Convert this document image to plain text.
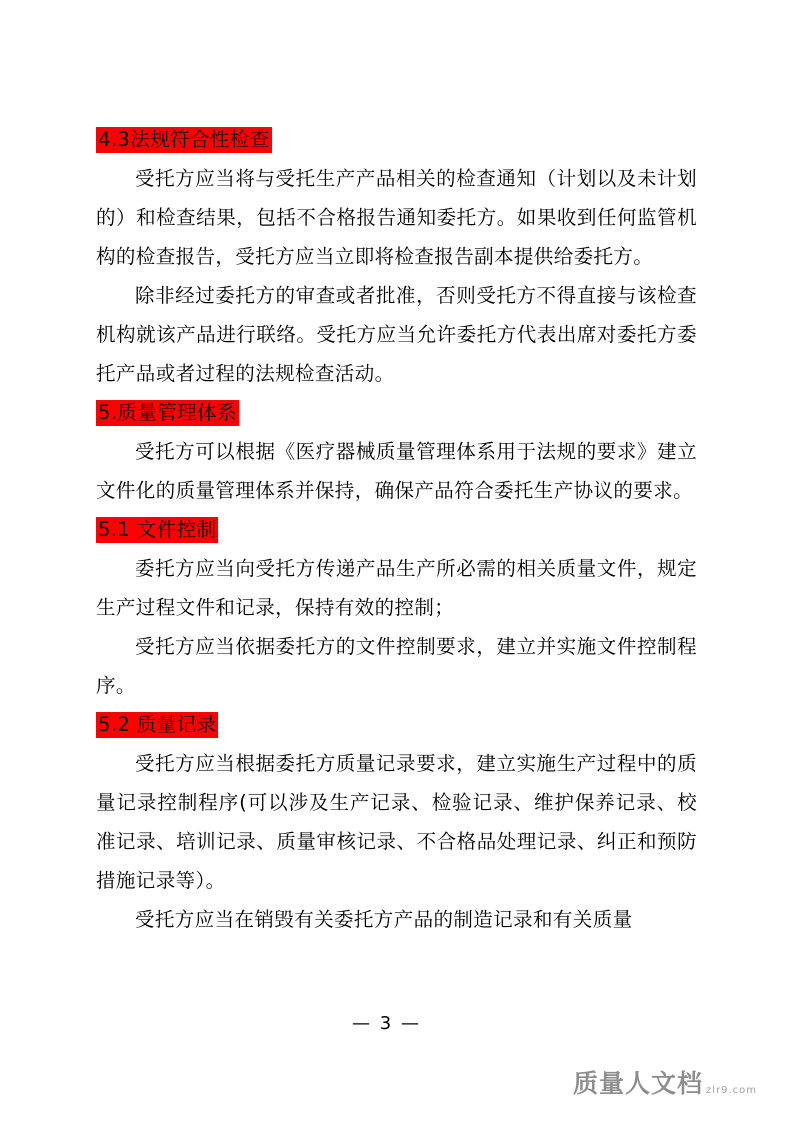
4.3法规符合性检查

受托方应当将与受托生产产品相关的检查通知（计划以及未计划的）和检查结果，包括不合格报告通知委托方。如果收到任何监管机构的检查报告，受托方应当立即将检查报告副本提供给委托方。

除非经过委托方的审查或者批准，否则受托方不得直接与该检查机构就该产品进行联络。受托方应当允许委托方代表出席对委托方委托产品或者过程的法规检查活动。

5.质量管理体系

受托方可以根据《医疗器械质量管理体系用于法规的要求》建立文件化的质量管理体系并保持，确保产品符合委托生产协议的要求。

5.1 文件控制

委托方应当向受托方传递产品生产所必需的相关质量文件，规定生产过程文件和记录，保持有效的控制；

受托方应当依据委托方的文件控制要求，建立并实施文件控制程序。

5.2 质量记录

受托方应当根据委托方质量记录要求，建立实施生产过程中的质量记录控制程序(可以涉及生产记录、检验记录、维护保养记录、校准记录、培训记录、质量审核记录、不合格品处理记录、纠正和预防措施记录等）。

受托方应当在销毁有关委托方产品的制造记录和有关质量

— 3 —
质量人文档 zlr9.com
